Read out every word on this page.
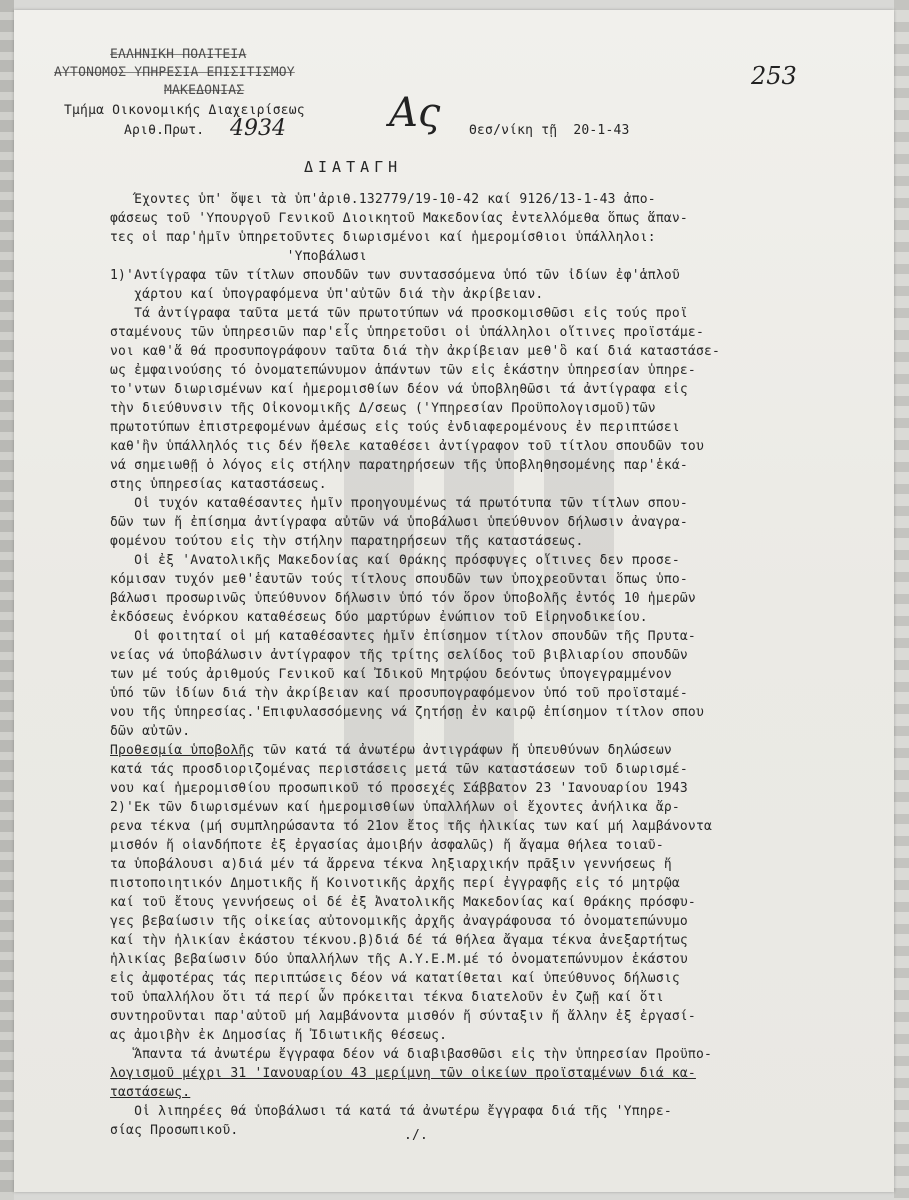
253
ΕΛΛΗΝΙΚΗ ΠΟΛΙΤΕΙΑ
ΑΥΤΟΝΟΜΟΣ ΥΠΗΡΕΣΙΑ ΕΠΙΣΙΤΙΣΜΟΥ
ΜΑΚΕΔΟΝΙΑΣ
Τμήμα Οικονομικής Διαχειρίσεως
Αριθ.Πρωτ. 4934	Ας Θεσ/νίκη τῇ  20-1-43
ΔΙΑΤΑΓΗ
Έχοντες ὑπ' ὄψει τὰ ὑπ'ἀριθ.132779/19-10-42 καί 9126/13-1-43 ἀπο-
φάσεως τοῦ 'Υπουργοῦ Γενικοῦ Διοικητοῦ Μακεδονίας ἐντελλόμεθα ὅπως ἅπαν-
τες οἱ παρ'ἡμῖν ὑπηρετοῦντες διωρισμένοι καί ἡμερομίσθιοι ὑπάλληλοι:
'Υποβάλωσι
1)'Αντίγραφα τῶν τίτλων σπουδῶν των συντασσόμενα ὑπό τῶν ἰδίων ἐφ'ἁπλοῦ
χάρτου καί ὑπογραφόμενα ὑπ'αὐτῶν διά τὴν ἀκρίβειαν.
Τά ἀντίγραφα ταῦτα μετά τῶν πρωτοτύπων νά προσκομισθῶσι εἰς τούς προϊ
σταμένους τῶν ὑπηρεσιῶν παρ'εἷς ὑπηρετοῦσι οἱ ὑπάλληλοι οἵτινες προϊστάμε-
νοι καθ'ἅ θά προσυπογράφουν ταῦτα διά τὴν ἀκρίβειαν μεθ'ὃ καί διά καταστάσε-
ως ἐμφαινούσης τό ὀνοματεπώνυμον ἁπάντων τῶν εἰς ἑκάστην ὑπηρεσίαν ὑπηρε-
το'ντων διωρισμένων καί ἡμερομισθίων δέον νά ὑποβληθῶσι τά ἀντίγραφα εἰς
τὴν διεύθυνσιν τῆς Οἰκονομικῆς Δ/σεως ('Υπηρεσίαν Προϋπολογισμοῦ)τῶν
πρωτοτύπων ἐπιστρεφομένων ἀμέσως εἰς τούς ἐνδιαφερομένους ἐν περιπτώσει
καθ'ἣν ὑπάλληλός τις δέν ἤθελε καταθέσει ἀντίγραφον τοῦ τίτλου σπουδῶν του
νά σημειωθῇ ὁ λόγος εἰς στήλην παρατηρήσεων τῆς ὑποβληθησομένης παρ'ἑκά-
στης ὑπηρεσίας καταστάσεως.
Οἱ τυχόν καταθέσαντες ἡμῖν προηγουμένως τά πρωτότυπα τῶν τίτλων σπου-
δῶν των ἤ ἐπίσημα ἀντίγραφα αὐτῶν νά ὑποβάλωσι ὑπεύθυνον δήλωσιν ἀναγρα-
φομένου τούτου εἰς τὴν στήλην παρατηρήσεων τῆς καταστάσεως.
Οἱ ἐξ 'Ανατολικῆς Μακεδονίας καί Θράκης πρόσφυγες οἵτινες δεν προσε-
κόμισαν τυχόν μεθ'ἑαυτῶν τούς τίτλους σπουδῶν των ὑποχρεοῦνται ὅπως ὑπο-
βάλωσι προσωρινῶς ὑπεύθυνον δήλωσιν ὑπό τόν ὅρον ὑποβολῆς ἐντός 10 ἡμερῶν
ἐκδόσεως ἐνόρκου καταθέσεως δύο μαρτύρων ἐνώπιον τοῦ Εἰρηνοδικείου.
Οἱ φοιτηταί οἱ μή καταθέσαντες ἡμῖν ἐπίσημον τίτλον σπουδῶν τῆς Πρυτα-
νείας νά ὑποβάλωσιν ἀντίγραφον τῆς τρίτης σελίδος τοῦ βιβλιαρίου σπουδῶν
των μέ τούς ἀριθμούς Γενικοῦ καί Ἰδικοῦ Μητρῴου δεόντως ὑπογεγραμμένον
ὑπό τῶν ἰδίων διά τὴν ἀκρίβειαν καί προσυπογραφόμενον ὑπό τοῦ προϊσταμέ-
νου τῆς ὑπηρεσίας.'Επιφυλασσόμενης νά ζητήσῃ ἐν καιρῷ ἐπίσημον τίτλον σπου
δῶν αὐτῶν.
Προθεσμία ὑποβολῆς τῶν κατά τά ἀνωτέρω ἀντιγράφων ἤ ὑπευθύνων δηλώσεων
κατά τάς προσδιοριζομένας περιστάσεις μετά τῶν καταστάσεων τοῦ διωρισμέ-
νου καί ἡμερομισθίου προσωπικοῦ τό προσεχές Σάββατον 23 'Ιανουαρίου 1943
2)'Εκ τῶν διωρισμένων καί ἡμερομισθίων ὑπαλλήλων οἱ ἔχοντες ἀνήλικα ἄρ-
ρενα τέκνα (μή συμπληρώσαντα τό 21ον ἔτος τῆς ἡλικίας των καί μή λαμβάνοντα
μισθόν ἤ οἱανδήποτε ἐξ ἐργασίας ἀμοιβήν ἀσφαλῶς) ἤ ἄγαμα θήλεα τοιαῦ-
τα ὑποβάλουσι α)διά μέν τά ἄρρενα τέκνα ληξιαρχικήν πρᾶξιν γεννήσεως ἤ
πιστοποιητικόν Δημοτικῆς ἤ Κοινοτικῆς ἀρχῆς περί ἐγγραφῆς εἰς τό μητρῷα
καί τοῦ ἔτους γεννήσεως οἱ δέ ἐξ Ἀνατολικῆς Μακεδονίας καί Θράκης πρόσφυ-
γες βεβαίωσιν τῆς οἰκείας αὐτονομικῆς ἀρχῆς ἀναγράφουσα τό ὀνοματεπώνυμο
καί τὴν ἡλικίαν ἑκάστου τέκνου.β)διά δέ τά θήλεα ἄγαμα τέκνα ἀνεξαρτήτως
ἡλικίας βεβαίωσιν δύο ὑπαλλήλων τῆς Α.Υ.Ε.Μ.μέ τό ὀνοματεπώνυμον ἑκάστου
εἰς ἀμφοτέρας τάς περιπτώσεις δέον νά κατατίθεται καί ὑπεύθυνος δήλωσις
τοῦ ὑπαλλήλου ὅτι τά περί ὧν πρόκειται τέκνα διατελοῦν ἐν ζωῇ καί ὅτι
συντηροῦνται παρ'αὐτοῦ μή λαμβάνοντα μισθόν ἤ σύνταξιν ἤ ἄλλην ἐξ ἐργασί-
ας ἀμοιβὴν ἐκ Δημοσίας ἤ Ἰδιωτικῆς θέσεως.
Ἅπαντα τά ἀνωτέρω ἔγγραφα δέον νά διαβιβασθῶσι εἰς τὴν ὑπηρεσίαν Προϋπο-
λογισμοῦ μέχρι 31 'Ιανουαρίου 43 μερίμνη τῶν οἰκείων προϊσταμένων διά κα-
ταστάσεως.
Οἱ λιπηρέες θά ὑποβάλωσι τά κατά τά ἀνωτέρω ἔγγραφα διά τῆς 'Υπηρε-
σίας Προσωπικοῦ.	./.
